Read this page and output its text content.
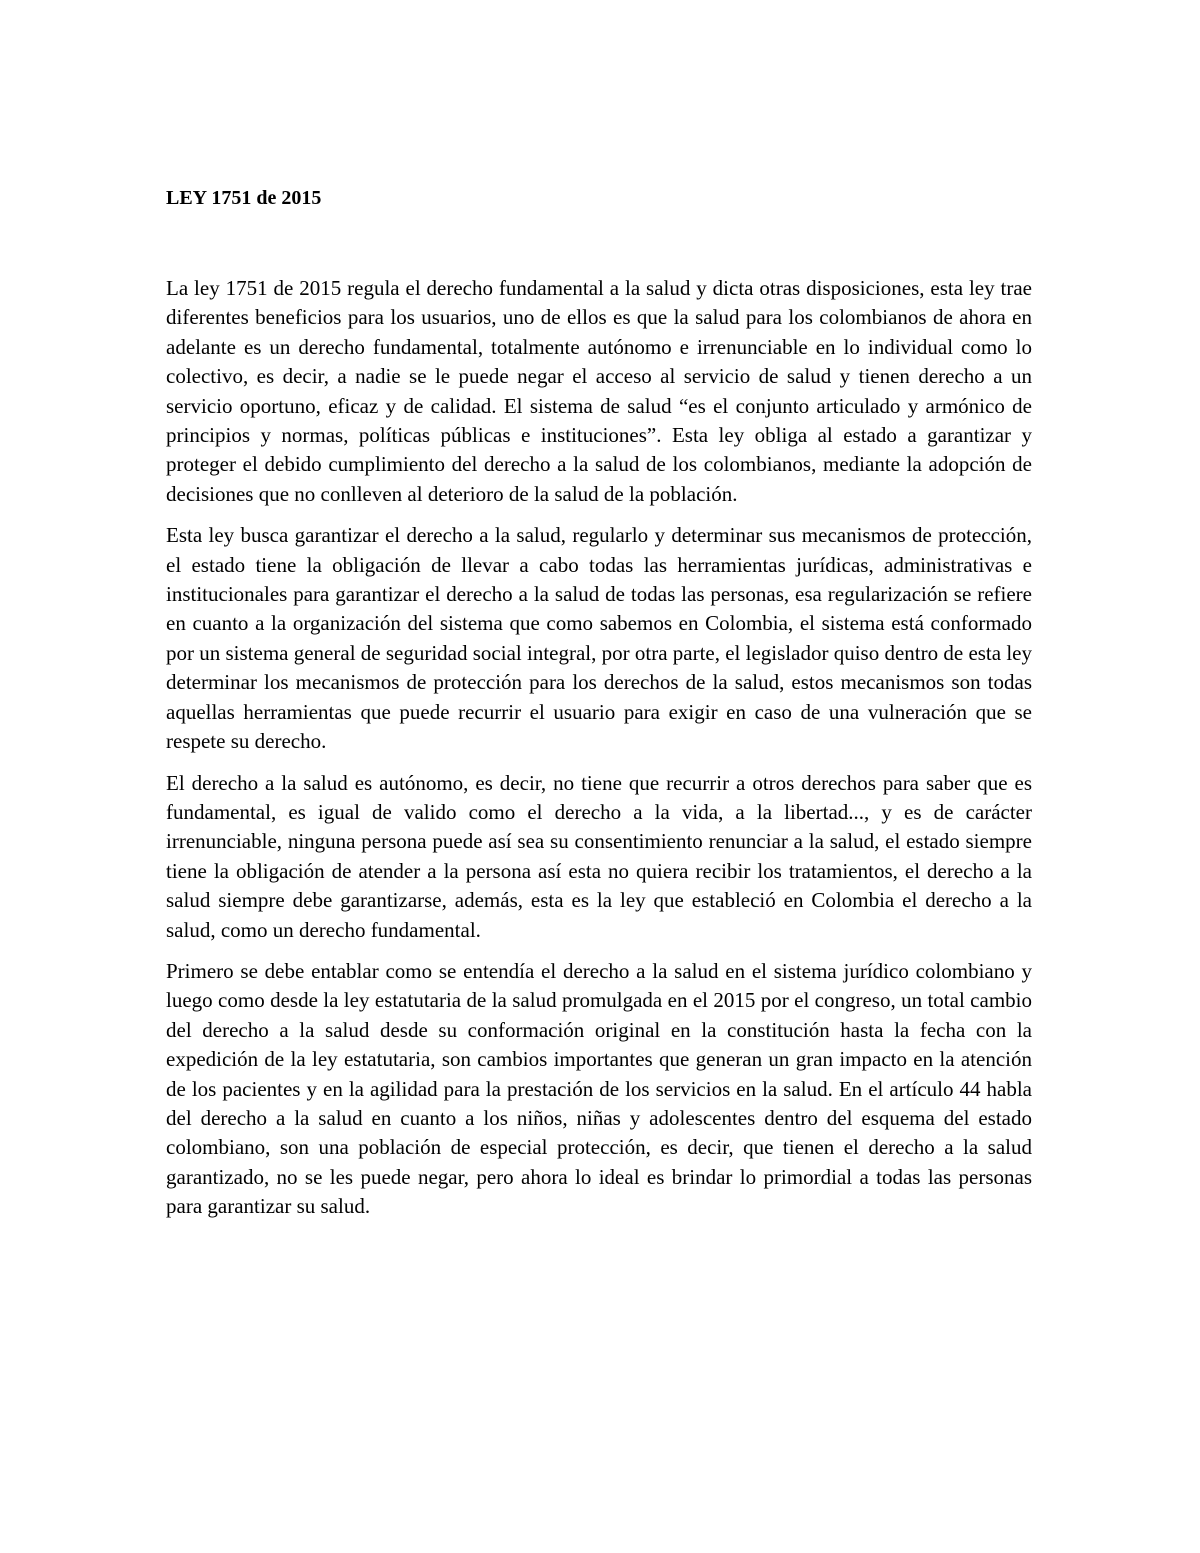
LEY 1751 de 2015

La ley 1751 de 2015 regula el derecho fundamental a la salud y dicta otras disposiciones, esta ley trae diferentes beneficios para los usuarios, uno de ellos es que la salud para los colombianos de ahora en adelante es un derecho fundamental, totalmente autónomo e irrenunciable en lo individual como lo colectivo, es decir, a nadie se le puede negar el acceso al servicio de salud y tienen derecho a un servicio oportuno, eficaz y de calidad. El sistema de salud “es el conjunto articulado y armónico de principios y normas, políticas públicas e instituciones”. Esta ley obliga al estado a garantizar y proteger el debido cumplimiento del derecho a la salud de los colombianos, mediante la adopción de decisiones que no conlleven al deterioro de la salud de la población.

Esta ley busca garantizar el derecho a la salud, regularlo y determinar sus mecanismos de protección, el estado tiene la obligación de llevar a cabo todas las herramientas jurídicas, administrativas e institucionales para garantizar el derecho a la salud de todas las personas, esa regularización se refiere en cuanto a la organización del sistema que como sabemos en Colombia, el sistema está conformado por un sistema general de seguridad social integral, por otra parte, el legislador quiso dentro de esta ley determinar los mecanismos de protección para los derechos de la salud, estos mecanismos son todas aquellas herramientas que puede recurrir el usuario para exigir en caso de una vulneración que se respete su derecho.

El derecho a la salud es autónomo, es decir, no tiene que recurrir a otros derechos para saber que es fundamental, es igual de valido como el derecho a la vida, a la libertad..., y es de carácter irrenunciable, ninguna persona puede así sea su consentimiento renunciar a la salud, el estado siempre tiene la obligación de atender a la persona así esta no quiera recibir los tratamientos, el derecho a la salud siempre debe garantizarse, además, esta es la ley que estableció en Colombia el derecho a la salud, como un derecho fundamental.

Primero se debe entablar como se entendía el derecho a la salud en el sistema jurídico colombiano y luego como desde la ley estatutaria de la salud promulgada en el 2015 por el congreso, un total cambio del derecho a la salud desde su conformación original en la constitución hasta la fecha con la expedición de la ley estatutaria, son cambios importantes que generan un gran impacto en la atención de los pacientes y en la agilidad para la prestación de los servicios en la salud. En el artículo 44 habla del derecho a la salud en cuanto a los niños, niñas y adolescentes dentro del esquema del estado colombiano, son una población de especial protección, es decir, que tienen el derecho a la salud garantizado, no se les puede negar, pero ahora lo ideal es brindar lo primordial a todas las personas para garantizar su salud.
